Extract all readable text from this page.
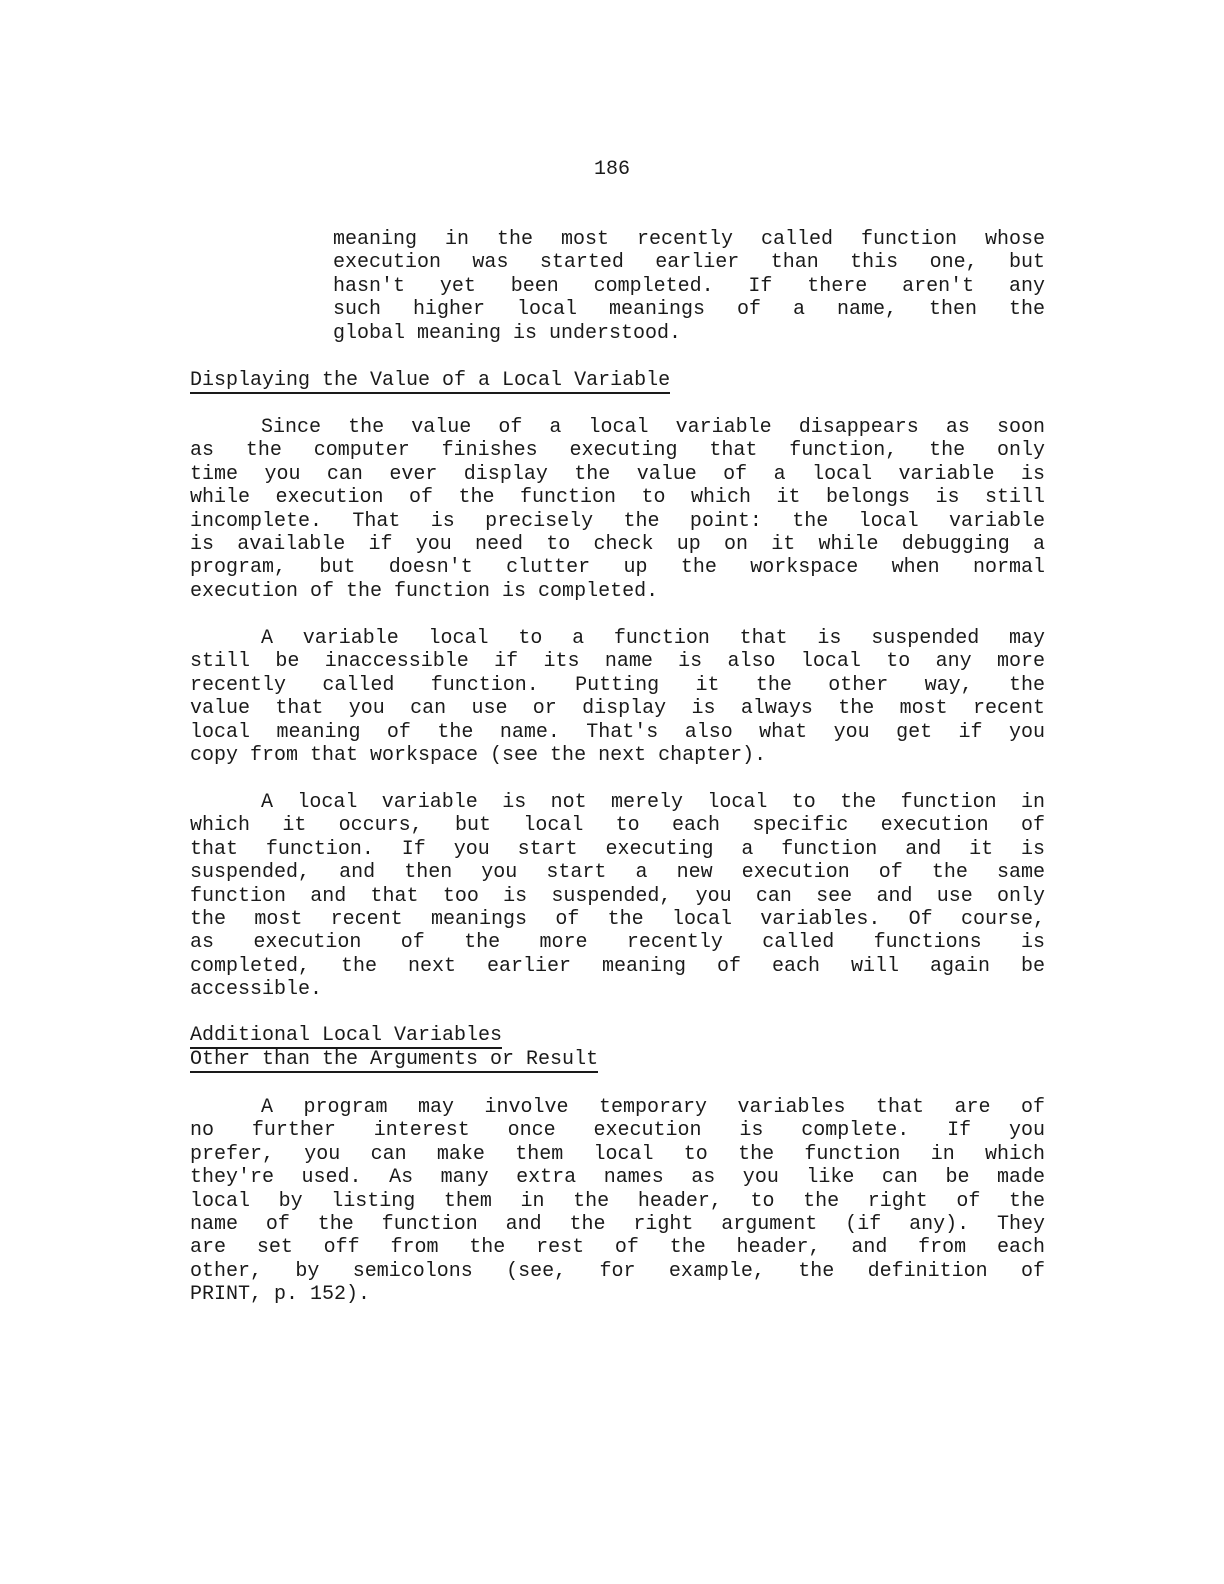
186
meaning in the most recently called function whose
execution was started earlier than this one, but
hasn't yet been completed. If there aren't any
such higher local meanings of a name, then the
global meaning is understood.
Displaying the Value of a Local Variable
Since the value of a local variable disappears as soon
as the computer finishes executing that function, the only
time you can ever display the value of a local variable is
while execution of the function to which it belongs is still
incomplete. That is precisely the point: the local variable
is available if you need to check up on it while debugging a
program, but doesn't clutter up the workspace when normal
execution of the function is completed.
A variable local to a function that is suspended may
still be inaccessible if its name is also local to any more
recently called function. Putting it the other way, the
value that you can use or display is always the most recent
local meaning of the name. That's also what you get if you
copy from that workspace (see the next chapter).
A local variable is not merely local to the function in
which it occurs, but local to each specific execution of
that function. If you start executing a function and it is
suspended, and then you start a new execution of the same
function and that too is suspended, you can see and use only
the most recent meanings of the local variables. Of course,
as execution of the more recently called functions is
completed, the next earlier meaning of each will again be
accessible.
Additional Local Variables
Other than the Arguments or Result
A program may involve temporary variables that are of
no further interest once execution is complete. If you
prefer, you can make them local to the function in which
they're used. As many extra names as you like can be made
local by listing them in the header, to the right of the
name of the function and the right argument (if any). They
are set off from the rest of the header, and from each
other, by semicolons (see, for example, the definition of
PRINT, p. 152).
